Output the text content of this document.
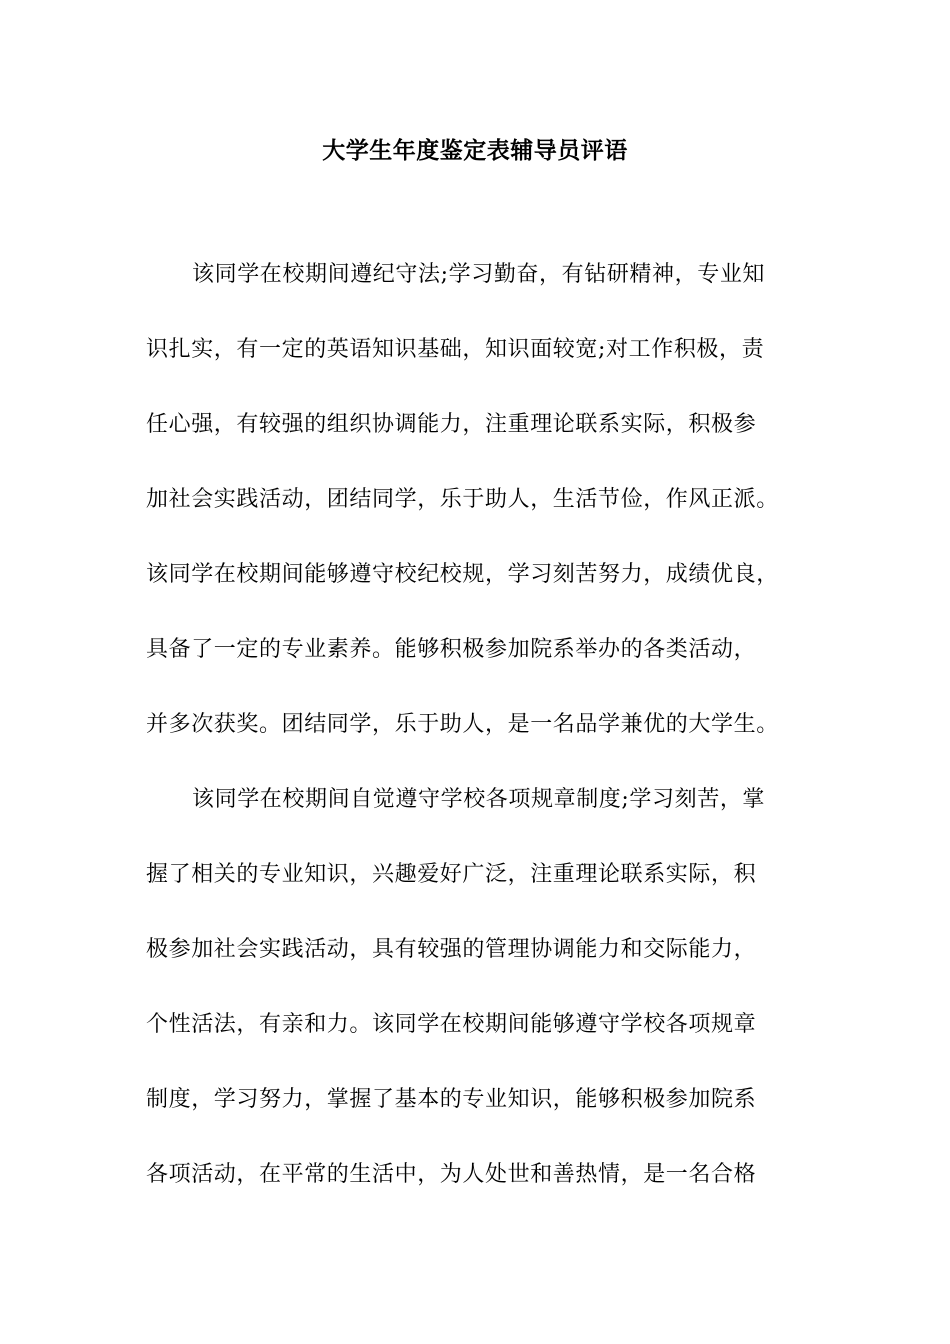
大学生年度鉴定表辅导员评语
该同学在校期间遵纪守法;学习勤奋，有钻研精神，专业知
识扎实，有一定的英语知识基础，知识面较宽;对工作积极，责
任心强，有较强的组织协调能力，注重理论联系实际，积极参
加社会实践活动，团结同学，乐于助人，生活节俭，作风正派。
该同学在校期间能够遵守校纪校规，学习刻苦努力，成绩优良，
具备了一定的专业素养。能够积极参加院系举办的各类活动，
并多次获奖。团结同学，乐于助人，是一名品学兼优的大学生。
该同学在校期间自觉遵守学校各项规章制度;学习刻苦，掌
握了相关的专业知识，兴趣爱好广泛，注重理论联系实际，积
极参加社会实践活动，具有较强的管理协调能力和交际能力，
个性活法，有亲和力。该同学在校期间能够遵守学校各项规章
制度，学习努力，掌握了基本的专业知识，能够积极参加院系
各项活动，在平常的生活中，为人处世和善热情，是一名合格
